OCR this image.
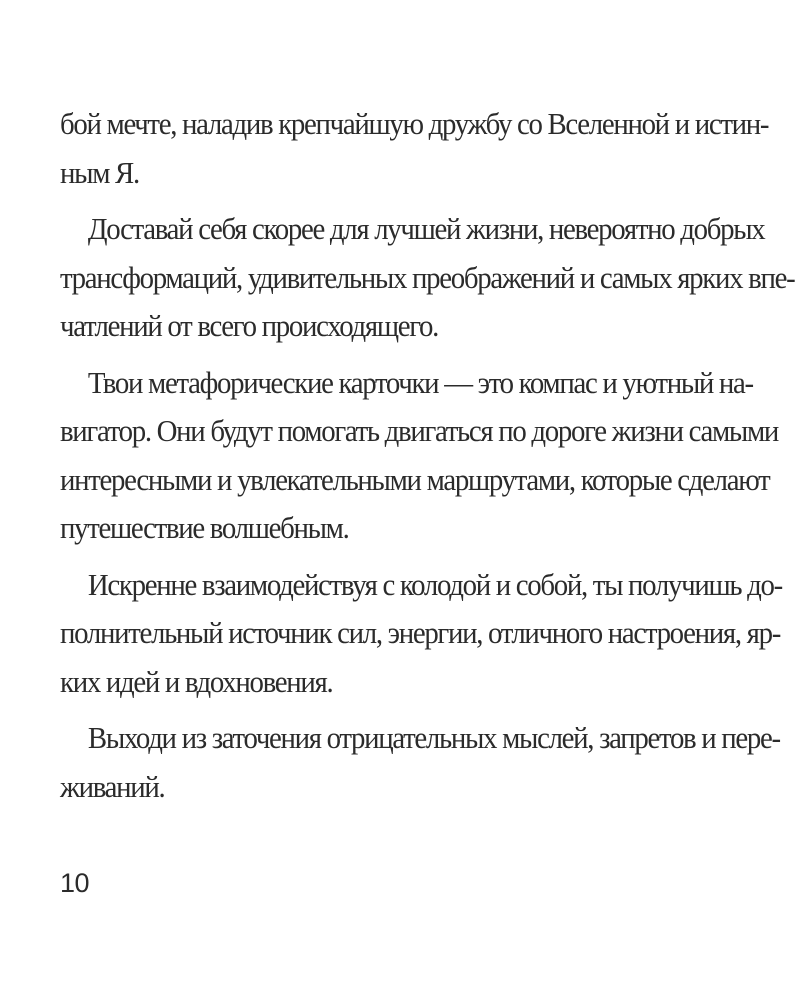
бой мечте, наладив крепчайшую дружбу со Вселенной и истин-
ным Я.
Доставай себя скорее для лучшей жизни, невероятно добрых
трансформаций, удивительных преображений и самых ярких впе-
чатлений от всего происходящего.
Твои метафорические карточки — это компас и уютный на-
вигатор. Они будут помогать двигаться по дороге жизни самыми
интересными и увлекательными маршрутами, которые сделают
путешествие волшебным.
Искренне взаимодействуя с колодой и собой, ты получишь до-
полнительный источник сил, энергии, отличного настроения, яр-
ких идей и вдохновения.
Выходи из заточения отрицательных мыслей, запретов и пере-
живаний.
10
